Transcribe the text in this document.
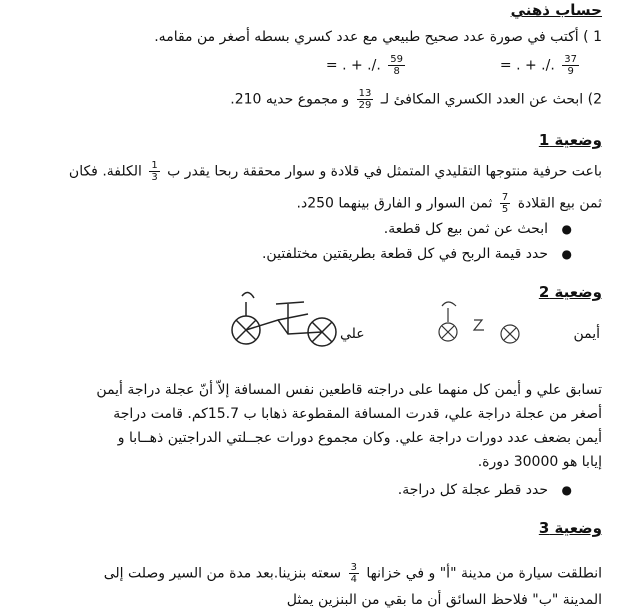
حساب ذهني
1 ) أكتب في صورة عدد صحيح طبيعي مع عدد كسري بسطه أصغر من مقامه.
= . + ./. $\frac{37}{9}$
= . + ./. $\frac{59}{8}$
2) ابحث عن العدد الكسري المكافئ لـ
$\frac{13}{29}$
و مجموع حديه 210.
وضعية 1
باعت حرفية منتوجها التقليدي المتمثل في قلادة و سوار محققة ربحا يقدر ب
$\frac{1}{3}$
الكلفة. فكان
ثمن بيع القلادة
$\frac{7}{5}$
ثمن السوار و الفارق بينهما 250د.
●
ابحث عن ثمن بيع كل قطعة.
●
حدد قيمة الربح في كل قطعة بطريقتين مختلفتين.
وضعية 2
علي	أيمن
تسابق علي و أيمن كل منهما على دراجته قاطعين نفس المسافة إلاّ أنّ عجلة دراجة أيمن
أصغر من عجلة دراجة علي، قدرت المسافة المقطوعة ذهابا ب 15.7كم. قامت دراجة
أيمن بضعف عدد دورات دراجة علي. وكان مجموع دورات عجــلتي الدراجتين ذهــابا و
إيابا هو 30000 دورة.
●
حدد قطر عجلة كل دراجة.
وضعية 3
انطلقت سيارة من مدينة "أ" و في خزانها
$\frac{3}{4}$
سعته بنزينا.بعد مدة من السير وصلت إلى
المدينة "ب" فلاحظ السائق أن ما بقي من البنزين يمثل
